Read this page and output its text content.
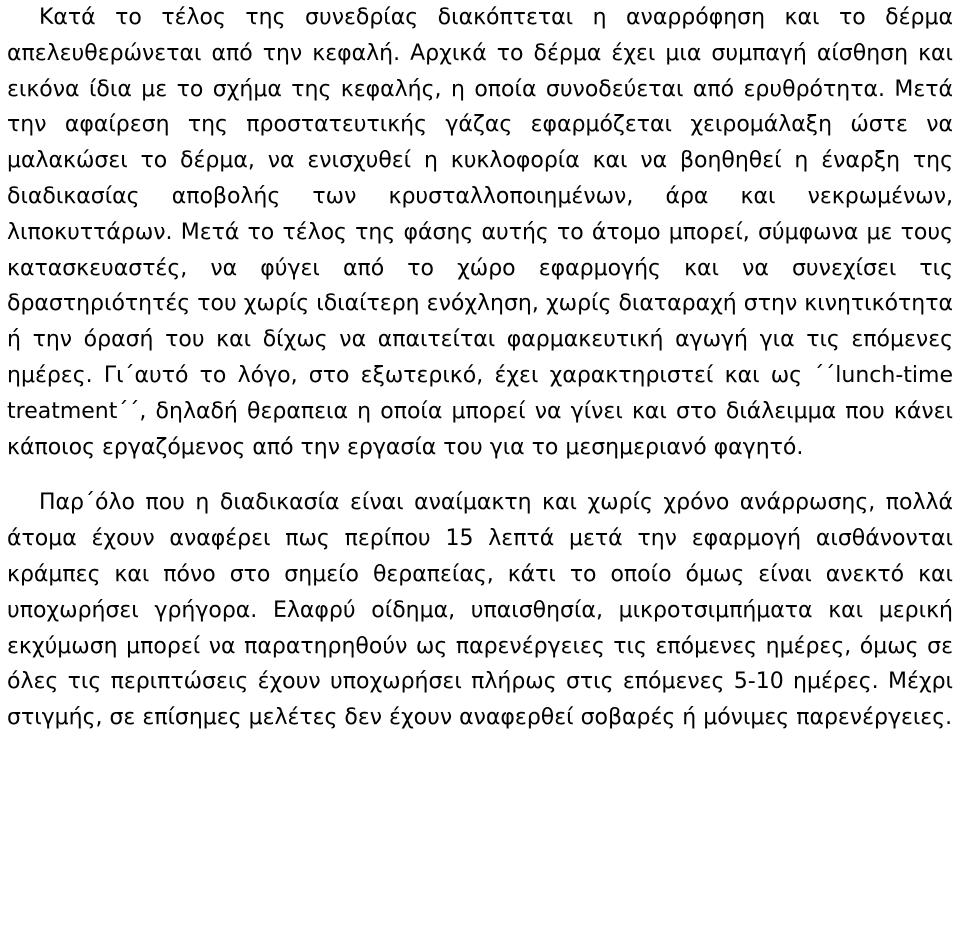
Κατά το τέλος της συνεδρίας διακόπτεται η αναρρόφηση και το δέρμα απελευθερώνεται από την κεφαλή. Αρχικά το δέρμα έχει μια συμπαγή αίσθηση και εικόνα ίδια με το σχήμα της κεφαλής, η οποία συνοδεύεται από ερυθρότητα. Μετά την αφαίρεση της προστατευτικής γάζας εφαρμόζεται χειρομάλαξη ώστε να μαλακώσει το δέρμα, να ενισχυθεί η κυκλοφορία και να βοηθηθεί η έναρξη της διαδικασίας αποβολής των κρυσταλλοποιημένων, άρα και νεκρωμένων, λιποκυττάρων. Μετά το τέλος της φάσης αυτής το άτομο μπορεί, σύμφωνα με τους κατασκευαστές, να φύγει από το χώρο εφαρμογής και να συνεχίσει τις δραστηριότητές του χωρίς ιδιαίτερη ενόχληση, χωρίς διαταραχή στην κινητικότητα ή την όρασή του και δίχως να απαιτείται φαρμακευτική αγωγή για τις επόμενες ημέρες. Γι΄αυτό το λόγο, στο εξωτερικό, έχει χαρακτηριστεί και ως ΄΄lunch-time treatment΄΄, δηλαδή θεραπεια η οποία μπορεί να γίνει και στο διάλειμμα που κάνει κάποιος εργαζόμενος από την εργασία του για το μεσημεριανό φαγητό.

Παρ΄όλο που η διαδικασία είναι αναίμακτη και χωρίς χρόνο ανάρρωσης, πολλά άτομα έχουν αναφέρει πως περίπου 15 λεπτά μετά την εφαρμογή αισθάνονται κράμπες και πόνο στο σημείο θεραπείας, κάτι το οποίο όμως είναι ανεκτό και υποχωρήσει γρήγορα. Ελαφρύ οίδημα, υπαισθησία, μικροτσιμπήματα και μερική εκχύμωση μπορεί να παρατηρηθούν ως παρενέργειες τις επόμενες ημέρες, όμως σε όλες τις περιπτώσεις έχουν υποχωρήσει πλήρως στις επόμενες 5-10 ημέρες. Μέχρι στιγμής, σε επίσημες μελέτες δεν έχουν αναφερθεί σοβαρές ή μόνιμες παρενέργειες.
